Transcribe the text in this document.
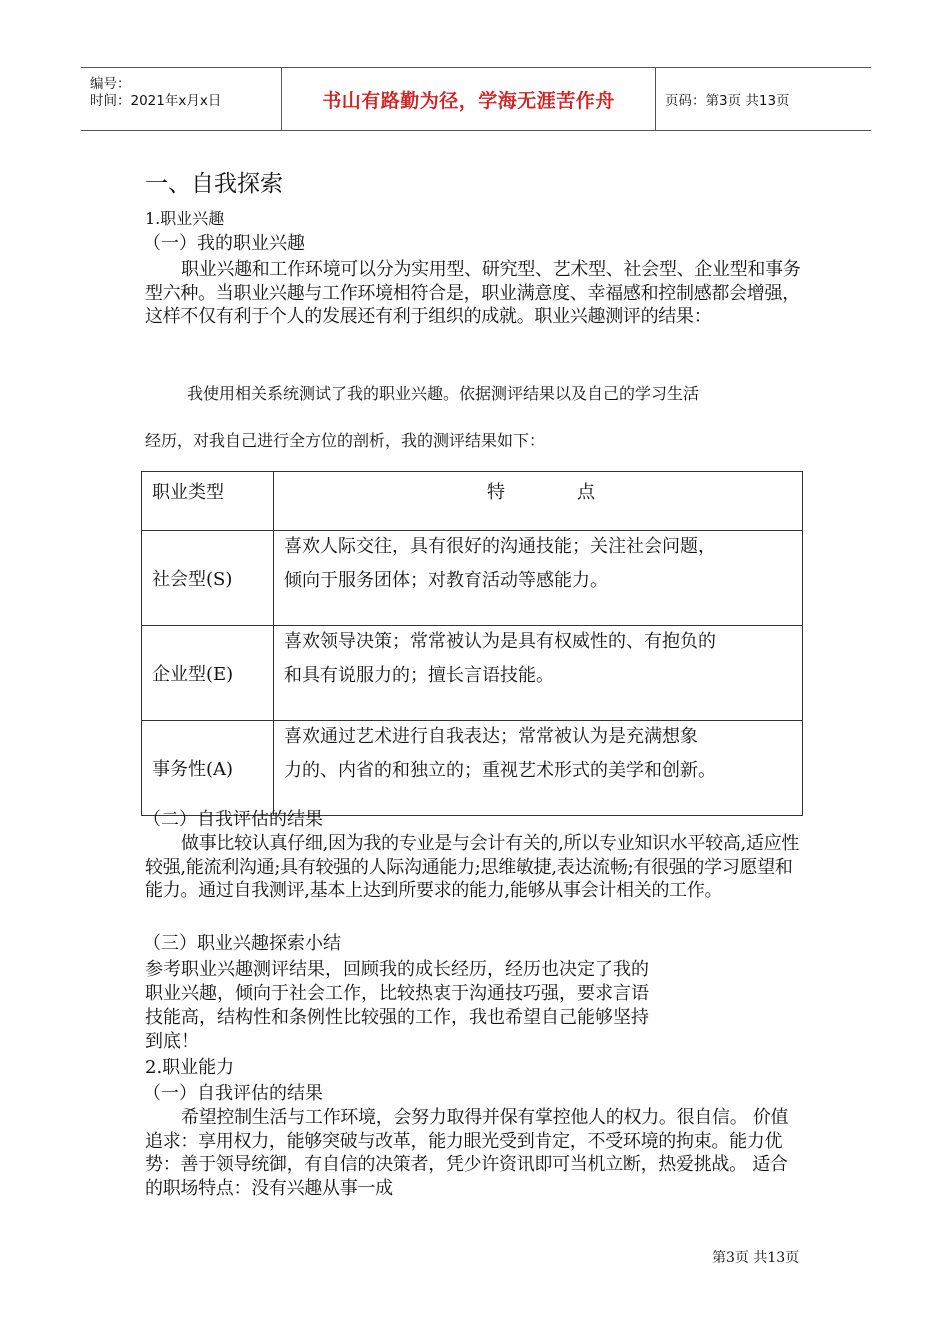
编号：
时间：2021年x月x日	书山有路勤为径，学海无涯苦作舟	页码：第3页 共13页
一、自我探索
1.职业兴趣
（一）我的职业兴趣

职业兴趣和工作环境可以分为实用型、研究型、艺术型、社会型、企业型和事务型六种。当职业兴趣与工作环境相符合是，职业满意度、幸福感和控制感都会增强，这样不仅有利于个人的发展还有利于组织的成就。职业兴趣测评的结果：

我使用相关系统测试了我的职业兴趣。依据测评结果以及自己的学习生活
经历，对我自己进行全方位的剖析，我的测评结果如下：
职业类型	特　　　　点
社会型(S)	喜欢人际交往，具有很好的沟通技能；关注社会问题，
倾向于服务团体；对教育活动等感能力。

企业型(E)	喜欢领导决策；常常被认为是具有权威性的、有抱负的
和具有说服力的；擅长言语技能。

事务性(A)	喜欢通过艺术进行自我表达；常常被认为是充满想象
力的、内省的和独立的；重视艺术形式的美学和创新。
（二）自我评估的结果

做事比较认真仔细,因为我的专业是与会计有关的,所以专业知识水平较高,适应性较强,能流利沟通;具有较强的人际沟通能力;思维敏捷,表达流畅;有很强的学习愿望和能力。通过自我测评,基本上达到所要求的能力,能够从事会计相关的工作。

（三）职业兴趣探索小结
参考职业兴趣测评结果，回顾我的成长经历，经历也决定了我的
职业兴趣，倾向于社会工作，比较热衷于沟通技巧强，要求言语
技能高，结构性和条例性比较强的工作，我也希望自己能够坚持
到底！
2.职业能力
（一）自我评估的结果

希望控制生活与工作环境，会努力取得并保有掌控他人的权力。很自信。 价值追求：享用权力，能够突破与改革，能力眼光受到肯定，不受环境的拘束。能力优势：善于领导统御，有自信的决策者，凭少许资讯即可当机立断，热爱挑战。 适合的职场特点：没有兴趣从事一成

第3页 共13页
